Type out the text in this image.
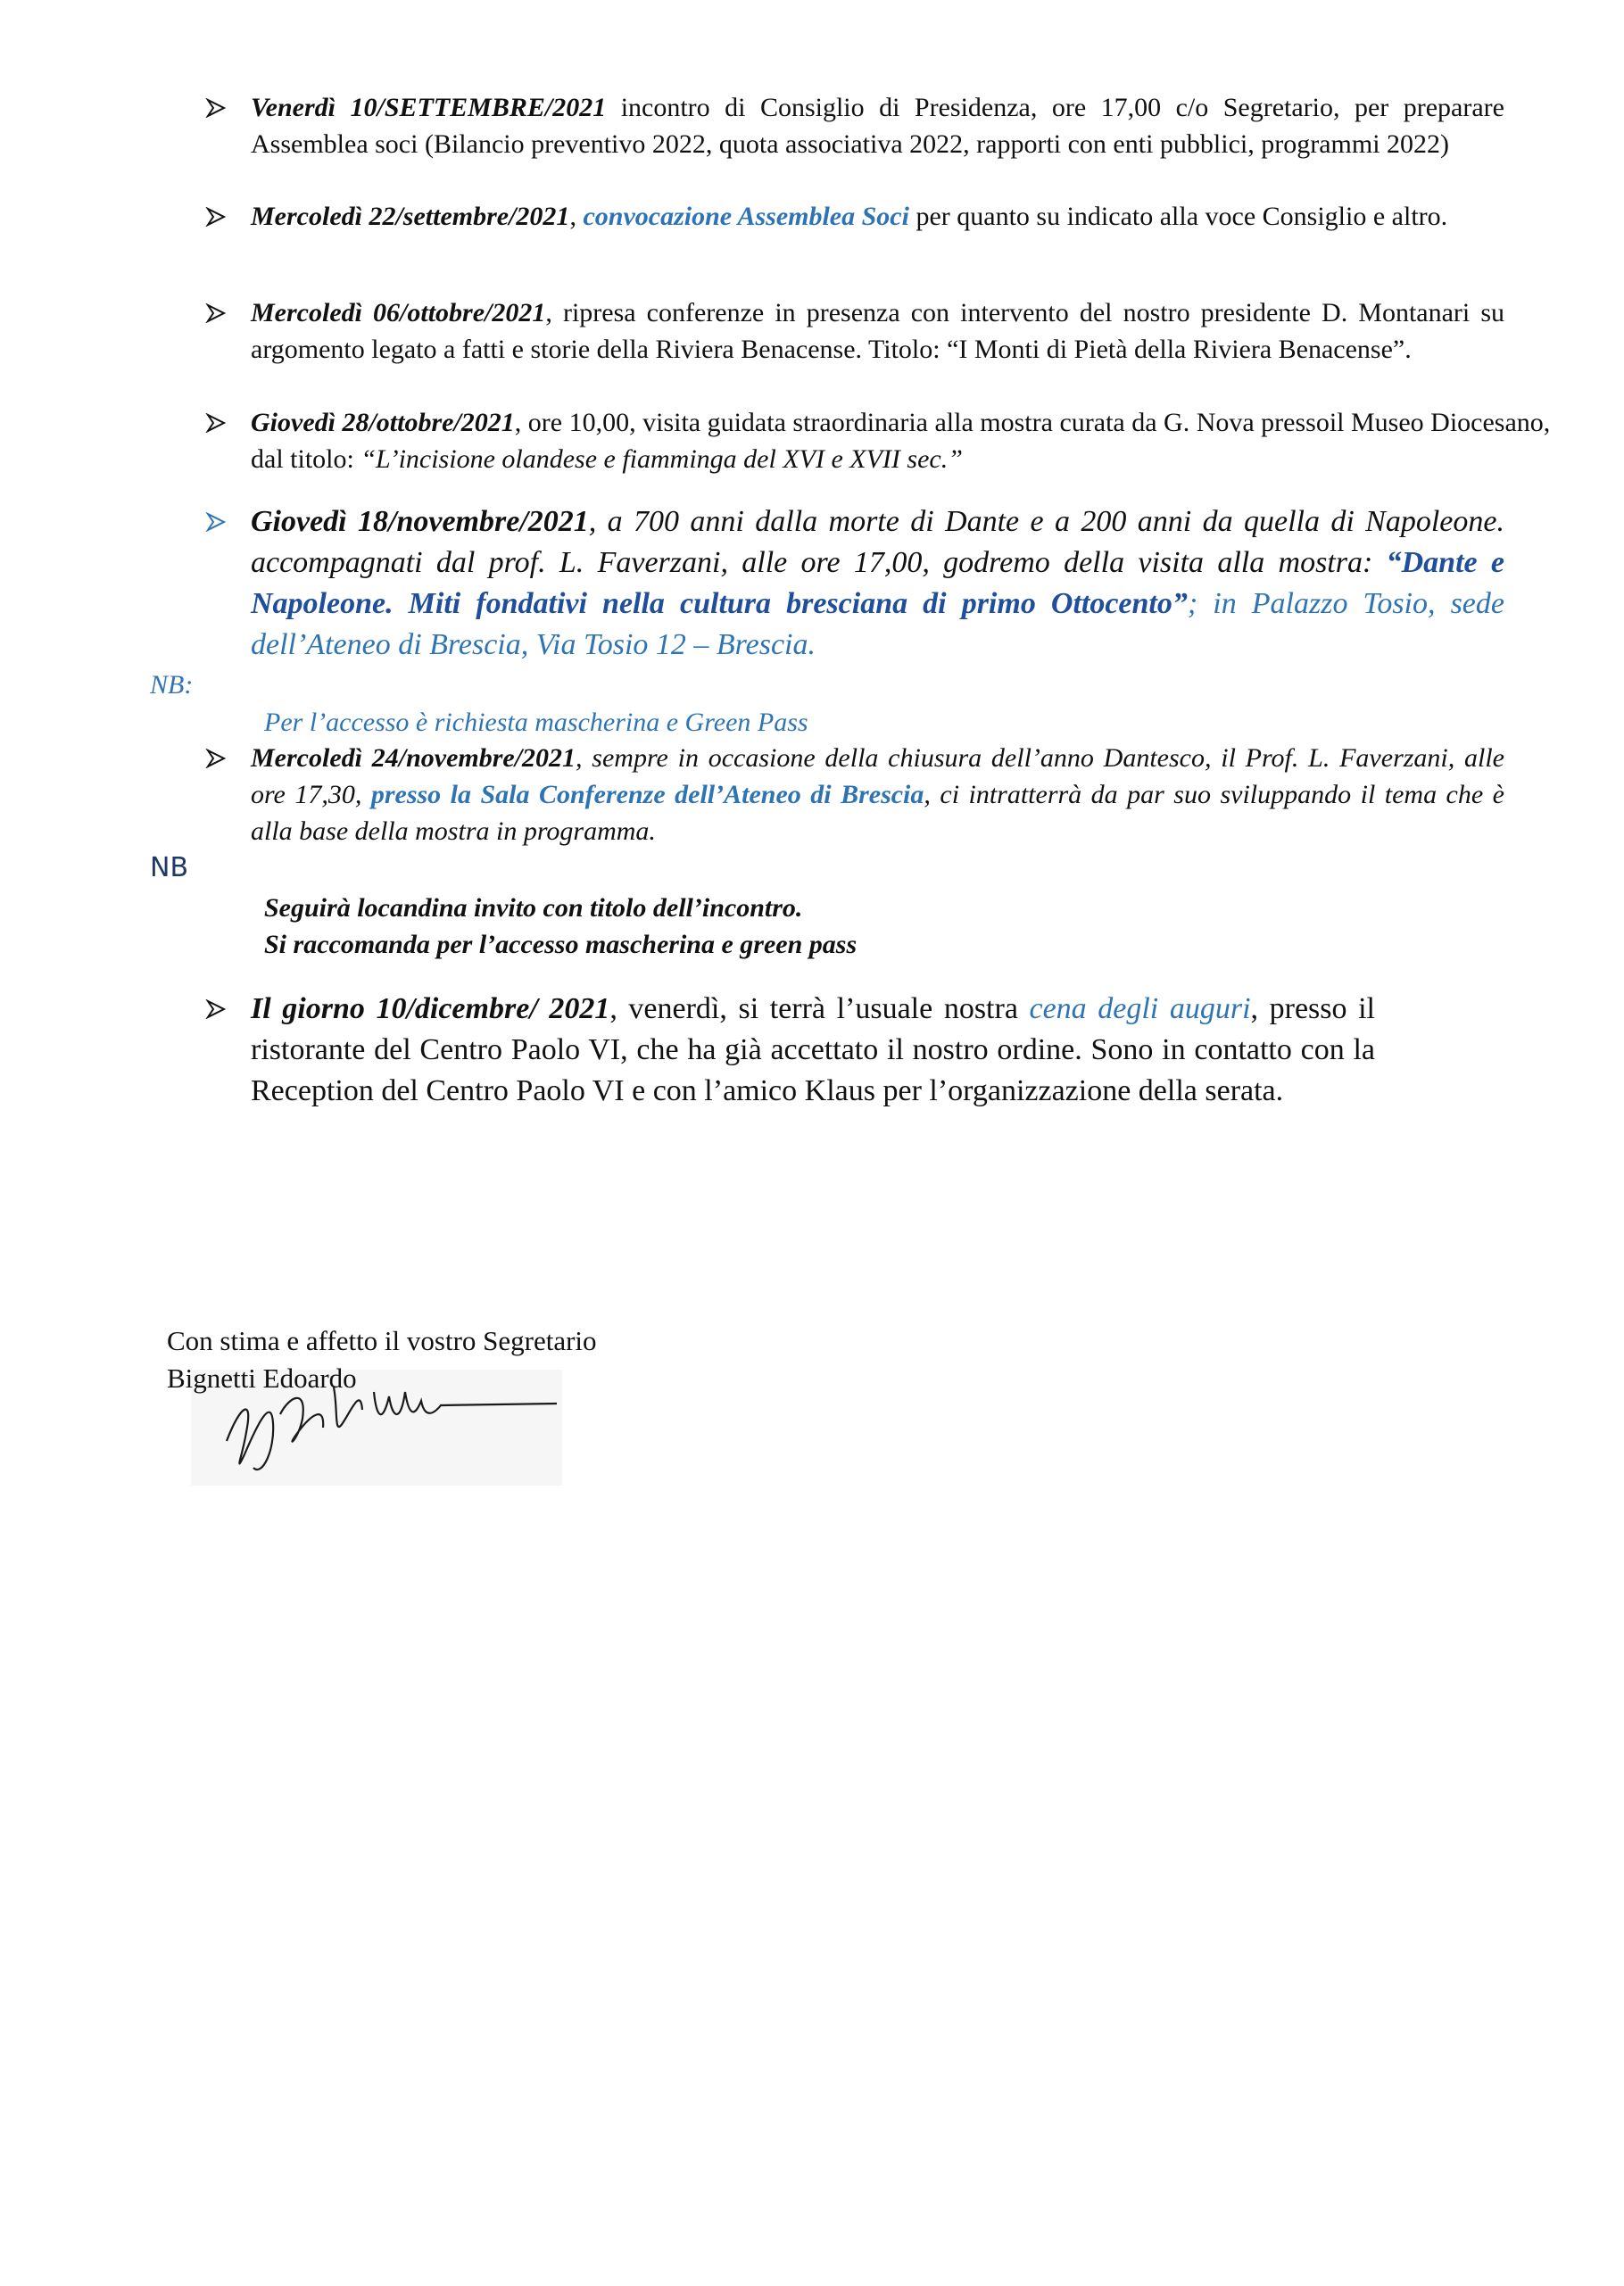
Venerdì 10/SETTEMBRE/2021 incontro di Consiglio di Presidenza, ore 17,00 c/o Segretario, per preparare Assemblea soci (Bilancio preventivo 2022, quota associativa 2022, rapporti con enti pubblici, programmi 2022)
Mercoledì 22/settembre/2021, convocazione Assemblea Soci per quanto su indicato alla voce Consiglio e altro.
Mercoledì 06/ottobre/2021, ripresa conferenze in presenza con intervento del nostro presidente D. Montanari su argomento legato a fatti e storie della Riviera Benacense. Titolo: “I Monti di Pietà della Riviera Benacense”.
Giovedì 28/ottobre/2021, ore 10,00, visita guidata straordinaria alla mostra curata da G. Nova pressoil Museo Diocesano, dal titolo: “L’incisione olandese e fiamminga del XVI e XVII sec.”
Giovedì 18/novembre/2021, a 700 anni dalla morte di Dante e a 200 anni da quella di Napoleone. accompagnati dal prof. L. Faverzani, alle ore 17,00, godremo della visita alla mostra: “Dante e Napoleone. Miti fondativi nella cultura bresciana di primo Ottocento”; in Palazzo Tosio, sede dell’Ateneo di Brescia, Via Tosio 12 – Brescia.
NB:
Per l’accesso è richiesta mascherina e Green Pass
Mercoledì 24/novembre/2021, sempre in occasione della chiusura dell’anno Dantesco, il Prof. L. Faverzani, alle ore 17,30, presso la Sala Conferenze dell’Ateneo di Brescia, ci intratterrà da par suo sviluppando il tema che è alla base della mostra in programma.
NB
Seguirà locandina invito con titolo dell’incontro.
Si raccomanda per l’accesso mascherina e green pass
Il giorno 10/dicembre/ 2021, venerdì, si terrà l’usuale nostra cena degli auguri, presso il ristorante del Centro Paolo VI, che ha già accettato il nostro ordine. Sono in contatto con la Reception del Centro Paolo VI e con l’amico Klaus per l’organizzazione della serata.
Con stima e affetto il vostro Segretario
Bignetti Edoardo
